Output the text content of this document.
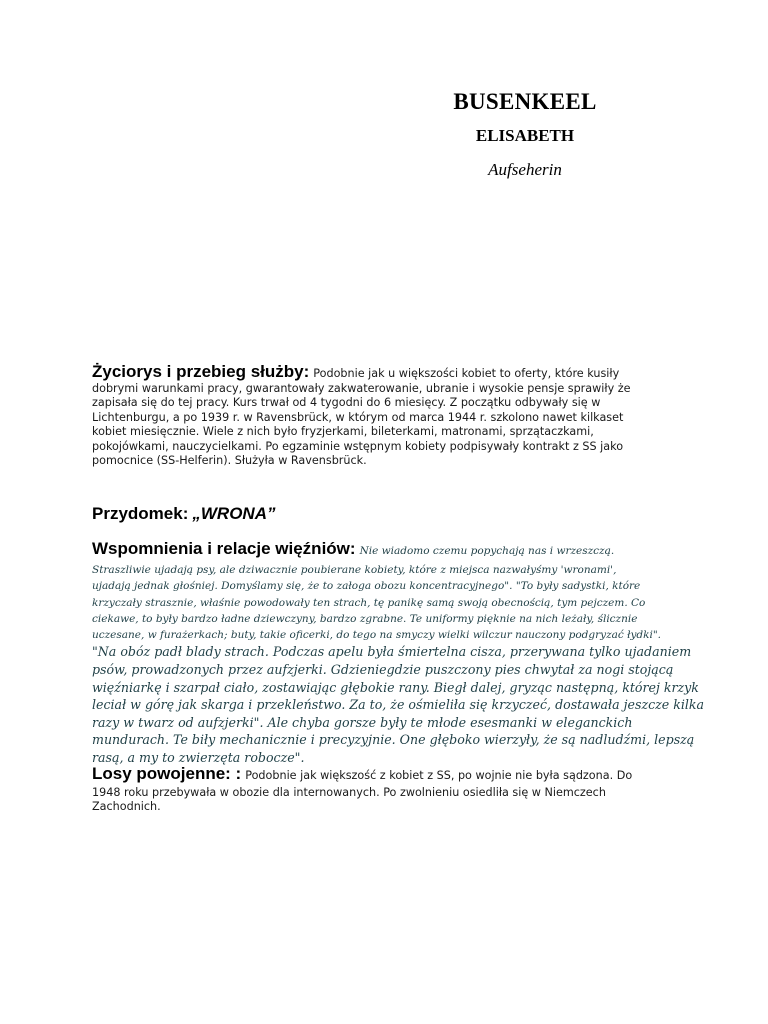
BUSENKEEL
ELISABETH
Aufseherin
Życiorys i przebieg służby: Podobnie jak u większości kobiet to oferty, które kusiły
dobrymi warunkami pracy, gwarantowały zakwaterowanie, ubranie i wysokie pensje sprawiły że
zapisała się do tej pracy. Kurs trwał od 4 tygodni do 6 miesięcy. Z początku odbywały się w
Lichtenburgu, a po 1939 r. w Ravensbrück, w którym od marca 1944 r. szkolono nawet kilkaset
kobiet miesięcznie. Wiele z nich było fryzjerkami, bileterkami, matronami, sprzątaczkami,
pokojówkami, nauczycielkami. Po egzaminie wstępnym kobiety podpisywały kontrakt z SS jako
pomocnice (SS-Helferin). Służyła w Ravensbrück.
Przydomek: „WRONA”
Wspomnienia i relacje więźniów: Nie wiadomo czemu popychają nas i wrzeszczą.
Straszliwie ujadają psy, ale dziwacznie poubierane kobiety, które z miejsca nazwałyśmy 'wronami',
ujadają jednak głośniej. Domyślamy się, że to załoga obozu koncentracyjnego". "To były sadystki, które
krzyczały strasznie, właśnie powodowały ten strach, tę panikę samą swoją obecnością, tym pejczem. Co
ciekawe, to były bardzo ładne dziewczyny, bardzo zgrabne. Te uniformy pięknie na nich leżały, ślicznie
uczesane, w furażerkach; buty, takie oficerki, do tego na smyczy wielki wilczur nauczony podgryzać łydki".
"Na obóz padł blady strach. Podczas apelu była śmiertelna cisza, przerywana tylko ujadaniem
psów, prowadzonych przez aufzjerki. Gdzieniegdzie puszczony pies chwytał za nogi stojącą
więźniarkę i szarpał ciało, zostawiając głębokie rany. Biegł dalej, gryząc następną, której krzyk
leciał w górę jak skarga i przekleństwo. Za to, że ośmieliła się krzyczeć, dostawała jeszcze kilka
razy w twarz od aufzjerki". Ale chyba gorsze były te młode esesmanki w eleganckich
mundurach. Te biły mechanicznie i precyzyjnie. One głęboko wierzyły, że są nadludźmi, lepszą
rasą, a my to zwierzęta robocze".
Losy powojenne: : Podobnie jak większość z kobiet z SS, po wojnie nie była sądzona. Do
1948 roku przebywała w obozie dla internowanych. Po zwolnieniu osiedliła się w Niemczech
Zachodnich.
